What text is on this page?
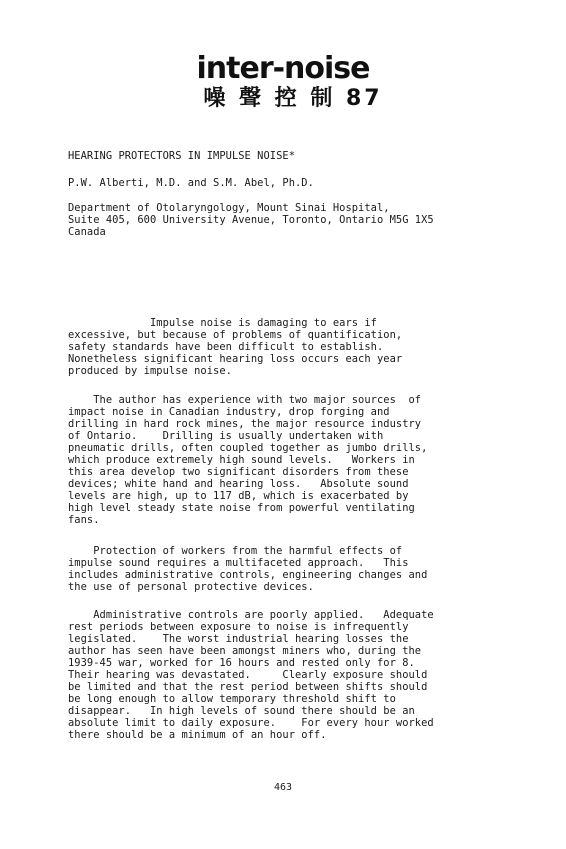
inter-noise
噪 聲 控 制 87
HEARING PROTECTORS IN IMPULSE NOISE*
P.W. Alberti, M.D. and S.M. Abel, Ph.D.
Department of Otolaryngology, Mount Sinai Hospital,
Suite 405, 600 University Avenue, Toronto, Ontario M5G 1X5
Canada
Impulse noise is damaging to ears if
excessive, but because of problems of quantification,
safety standards have been difficult to establish.
Nonetheless significant hearing loss occurs each year
produced by impulse noise.
The author has experience with two major sources  of
impact noise in Canadian industry, drop forging and
drilling in hard rock mines, the major resource industry
of Ontario.    Drilling is usually undertaken with
pneumatic drills, often coupled together as jumbo drills,
which produce extremely high sound levels.   Workers in
this area develop two significant disorders from these
devices; white hand and hearing loss.   Absolute sound
levels are high, up to 117 dB, which is exacerbated by
high level steady state noise from powerful ventilating
fans.
Protection of workers from the harmful effects of
impulse sound requires a multifaceted approach.   This
includes administrative controls, engineering changes and
the use of personal protective devices.
Administrative controls are poorly applied.   Adequate
rest periods between exposure to noise is infrequently
legislated.    The worst industrial hearing losses the
author has seen have been amongst miners who, during the
1939-45 war, worked for 16 hours and rested only for 8.
Their hearing was devastated.     Clearly exposure should
be limited and that the rest period between shifts should
be long enough to allow temporary threshold shift to
disappear.   In high levels of sound there should be an
absolute limit to daily exposure.    For every hour worked
there should be a minimum of an hour off.
463
